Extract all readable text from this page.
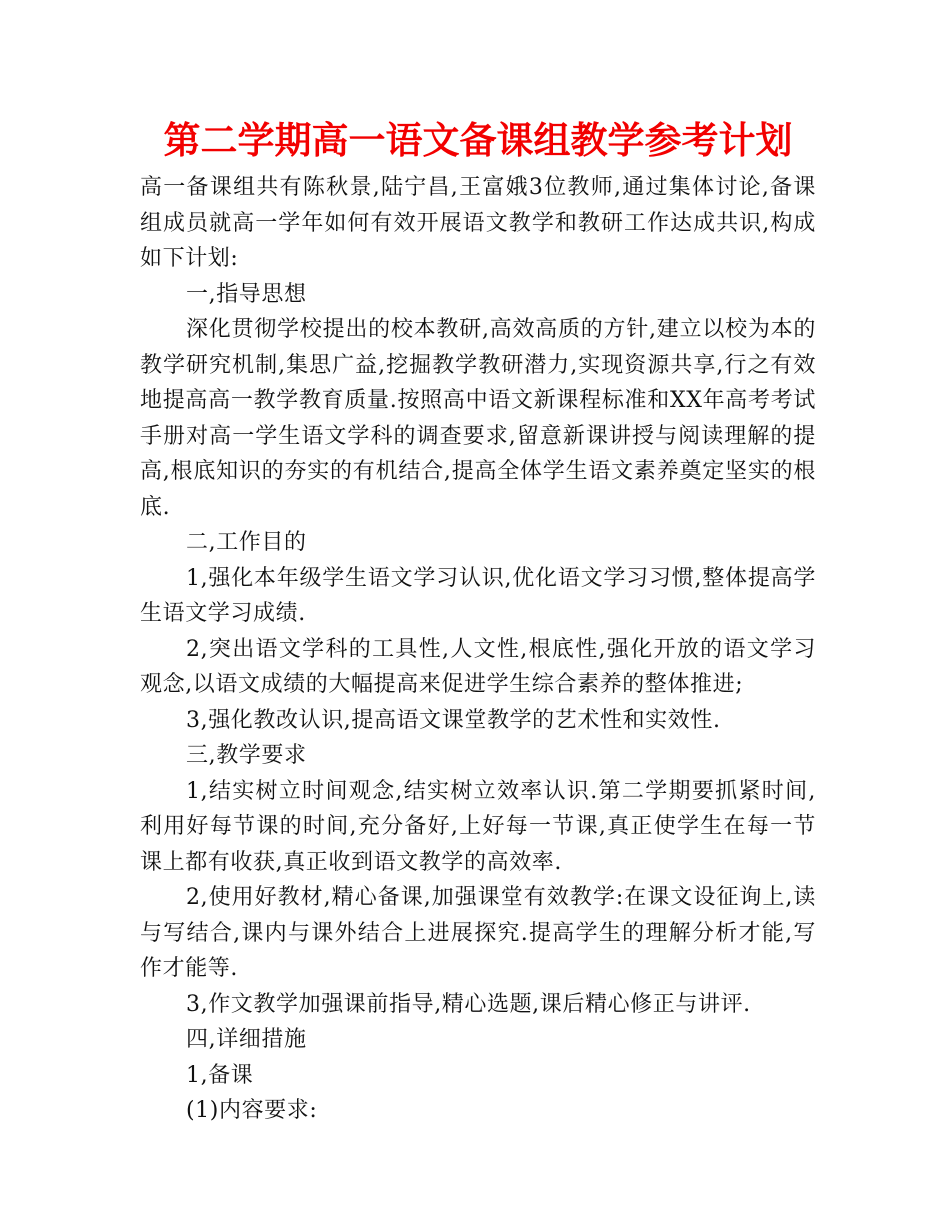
第二学期高一语文备课组教学参考计划

高一备课组共有陈秋景,陆宁昌,王富娥3位教师,通过集体讨论,备课组成员就高一学年如何有效开展语文教学和教研工作达成共识,构成如下计划:

一,指导思想

深化贯彻学校提出的校本教研,高效高质的方针,建立以校为本的教学研究机制,集思广益,挖掘教学教研潜力,实现资源共享,行之有效地提高高一教学教育质量.按照高中语文新课程标准和XX年高考考试手册对高一学生语文学科的调查要求,留意新课讲授与阅读理解的提高,根底知识的夯实的有机结合,提高全体学生语文素养奠定坚实的根底.

二,工作目的

1,强化本年级学生语文学习认识,优化语文学习习惯,整体提高学生语文学习成绩.

2,突出语文学科的工具性,人文性,根底性,强化开放的语文学习观念,以语文成绩的大幅提高来促进学生综合素养的整体推进;

3,强化教改认识,提高语文课堂教学的艺术性和实效性.

三,教学要求

1,结实树立时间观念,结实树立效率认识.第二学期要抓紧时间,利用好每节课的时间,充分备好,上好每一节课,真正使学生在每一节课上都有收获,真正收到语文教学的高效率.

2,使用好教材,精心备课,加强课堂有效教学:在课文设征询上,读与写结合,课内与课外结合上进展探究.提高学生的理解分析才能,写作才能等.

3,作文教学加强课前指导,精心选题,课后精心修正与讲评.

四,详细措施

1,备课

(1)内容要求:
